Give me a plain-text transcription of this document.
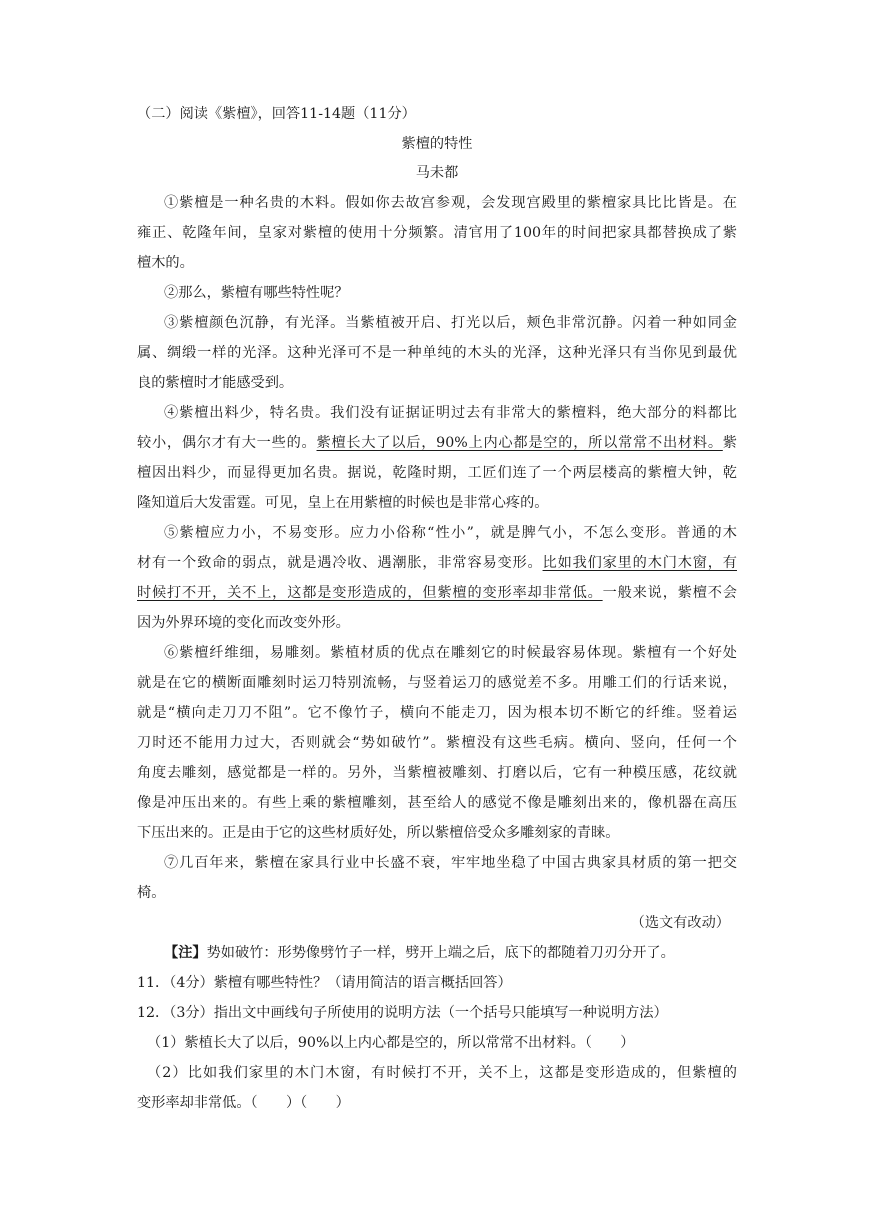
（二）阅读《紫檀》，回答11-14题（11分）
紫檀的特性
马未都
①紫檀是一种名贵的木料。假如你去故宫参观，会发现宫殿里的紫檀家具比比皆是。在
雍正、乾隆年间，皇家对紫檀的使用十分频繁。清官用了100年的时间把家具都替换成了紫
檀木的。
②那么，紫檀有哪些特性呢？
③紫檀颜色沉静，有光泽。当紫植被开启、打光以后，颊色非常沉静。闪着一种如同金
属、绸缎一样的光泽。这种光泽可不是一种单纯的木头的光泽，这种光泽只有当你见到最优
良的紫檀时才能感受到。
④紫檀出料少，特名贵。我们没有证据证明过去有非常大的紫檀料，绝大部分的料都比
较小，偶尔才有大一些的。紫檀长大了以后，90%上内心都是空的，所以常常不出材料。紫
檀因出料少，而显得更加名贵。据说，乾隆时期，工匠们连了一个两层楼高的紫檀大钟，乾
隆知道后大发雷霆。可见，皇上在用紫檀的时候也是非常心疼的。
⑤紫檀应力小，不易变形。应力小俗称“性小”，就是脾气小，不怎么变形。普通的木
材有一个致命的弱点，就是遇冷收、遇潮胀，非常容易变形。比如我们家里的木门木窗，有
时候打不开，关不上，这都是变形造成的，但紫檀的变形率却非常低。一般来说，紫檀不会
因为外界环境的变化而改变外形。
⑥紫檀纤维细，易雕刻。紫植材质的优点在雕刻它的时候最容易体现。紫檀有一个好处
就是在它的横断面雕刻时运刀特别流畅，与竖着运刀的感觉差不多。用雕工们的行话来说，
就是“横向走刀刀不阻”。它不像竹子，横向不能走刀，因为根本切不断它的纤维。竖着运
刀时还不能用力过大，否则就会“势如破竹”。紫檀没有这些毛病。横向、竖向，任何一个
角度去雕刻，感觉都是一样的。另外，当紫檀被雕刻、打磨以后，它有一种模压感，花纹就
像是冲压出来的。有些上乘的紫檀雕刻，甚至给人的感觉不像是雕刻出来的，像机器在高压
下压出来的。正是由于它的这些材质好处，所以紫檀倍受众多雕刻家的青睐。
⑦几百年来，紫檀在家具行业中长盛不衰，牢牢地坐稳了中国古典家具材质的第一把交
椅。
（选文有改动）
【注】势如破竹：形势像劈竹子一样，劈开上端之后，底下的都随着刀刃分开了。
11．（4分）紫檀有哪些特性？（请用简洁的语言概括回答）
12．（3分）指出文中画线句子所使用的说明方法（一个括号只能填写一种说明方法）
（1）紫植长大了以后，90%以上内心都是空的，所以常常不出材料。（　　）
（2）比如我们家里的木门木窗，有时候打不开，关不上，这都是变形造成的，但紫檀的
变形率却非常低。（　　）（　　）
